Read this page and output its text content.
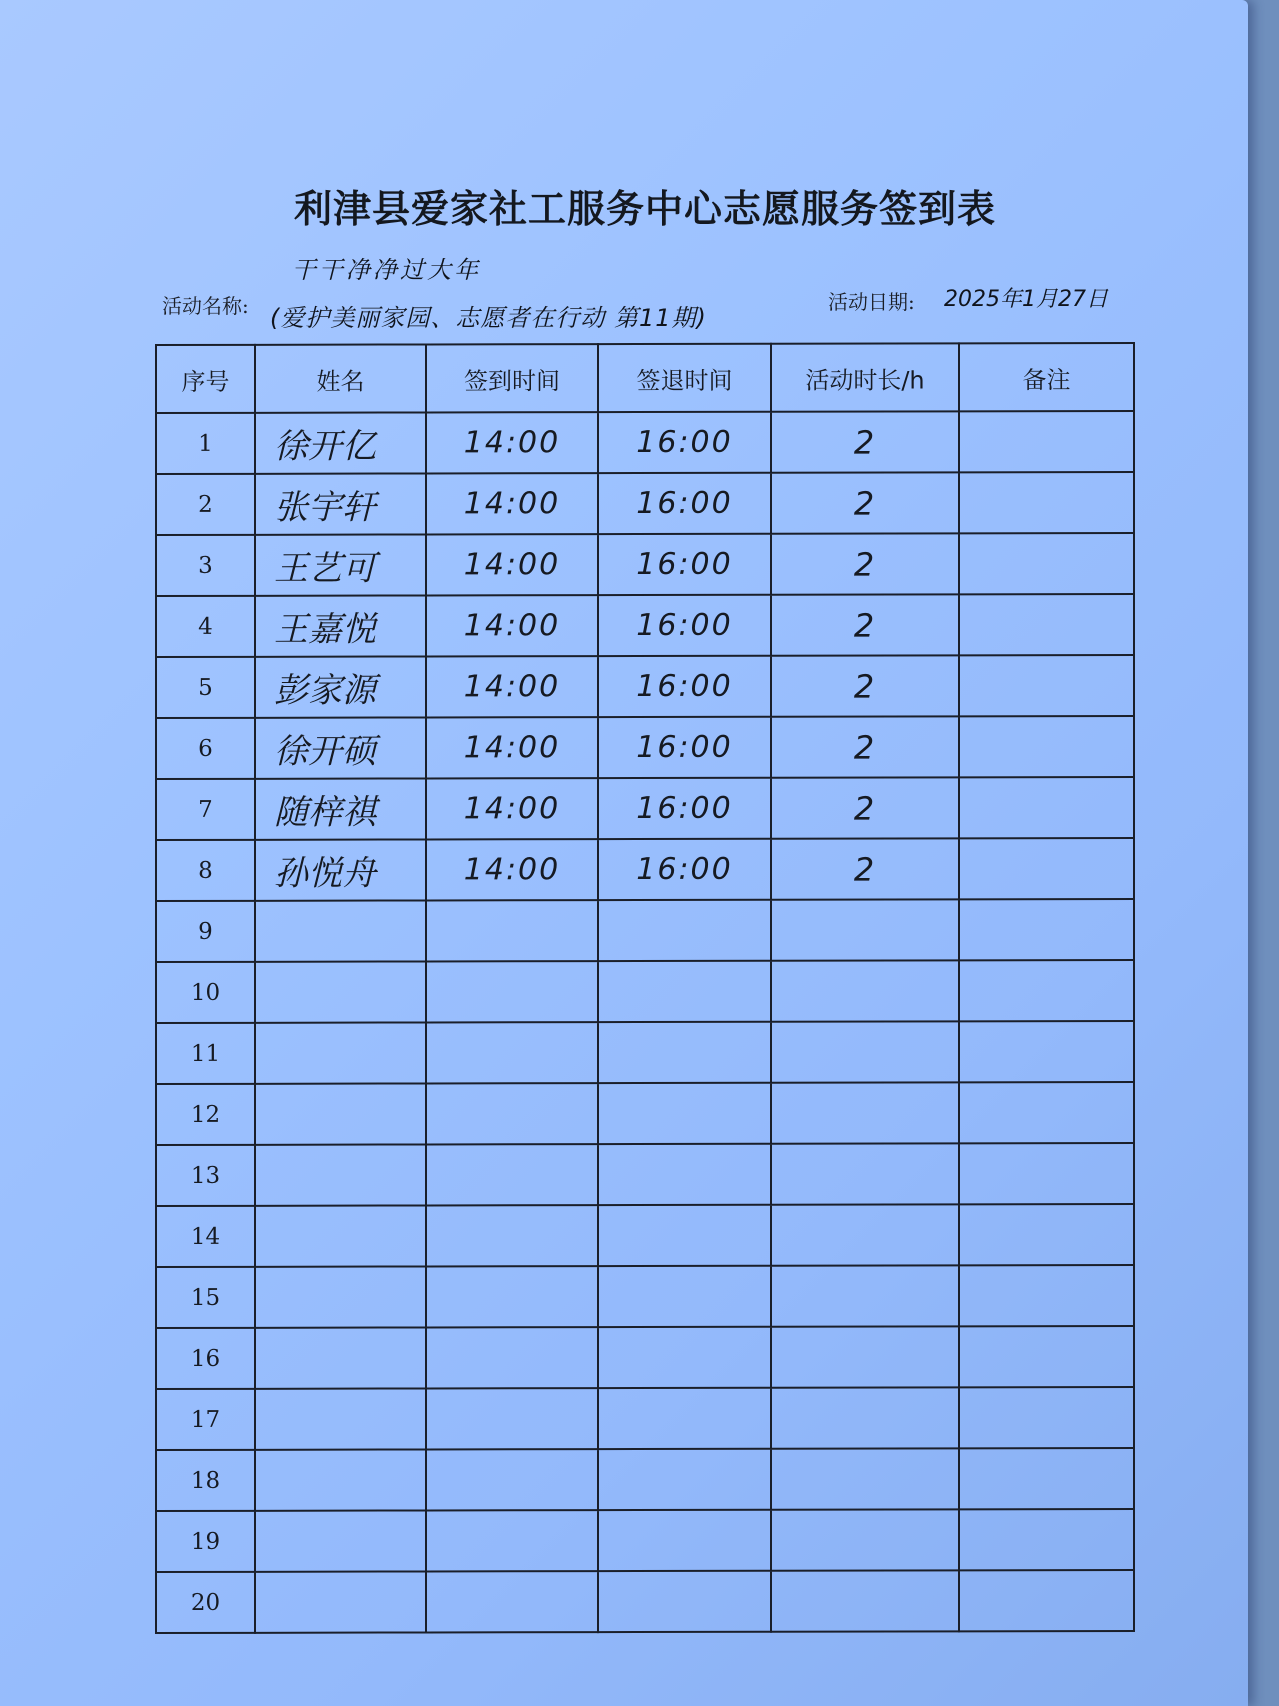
利津县爱家社工服务中心志愿服务签到表
活动名称:
干干净净过大年
(爱护美丽家园、志愿者在行动 第11期)
活动日期: 2025年1月27日
序号	姓名	签到时间	签退时间	活动时长/h	备注
1	徐开亿	14:00	16:00	2	
2	张宇轩	14:00	16:00	2	
3	王艺可	14:00	16:00	2	
4	王嘉悦	14:00	16:00	2	
5	彭家源	14:00	16:00	2	
6	徐开硕	14:00	16:00	2	
7	随梓祺	14:00	16:00	2	
8	孙悦舟	14:00	16:00	2	
9					
10					
11					
12					
13					
14					
15					
16					
17					
18					
19					
20					
